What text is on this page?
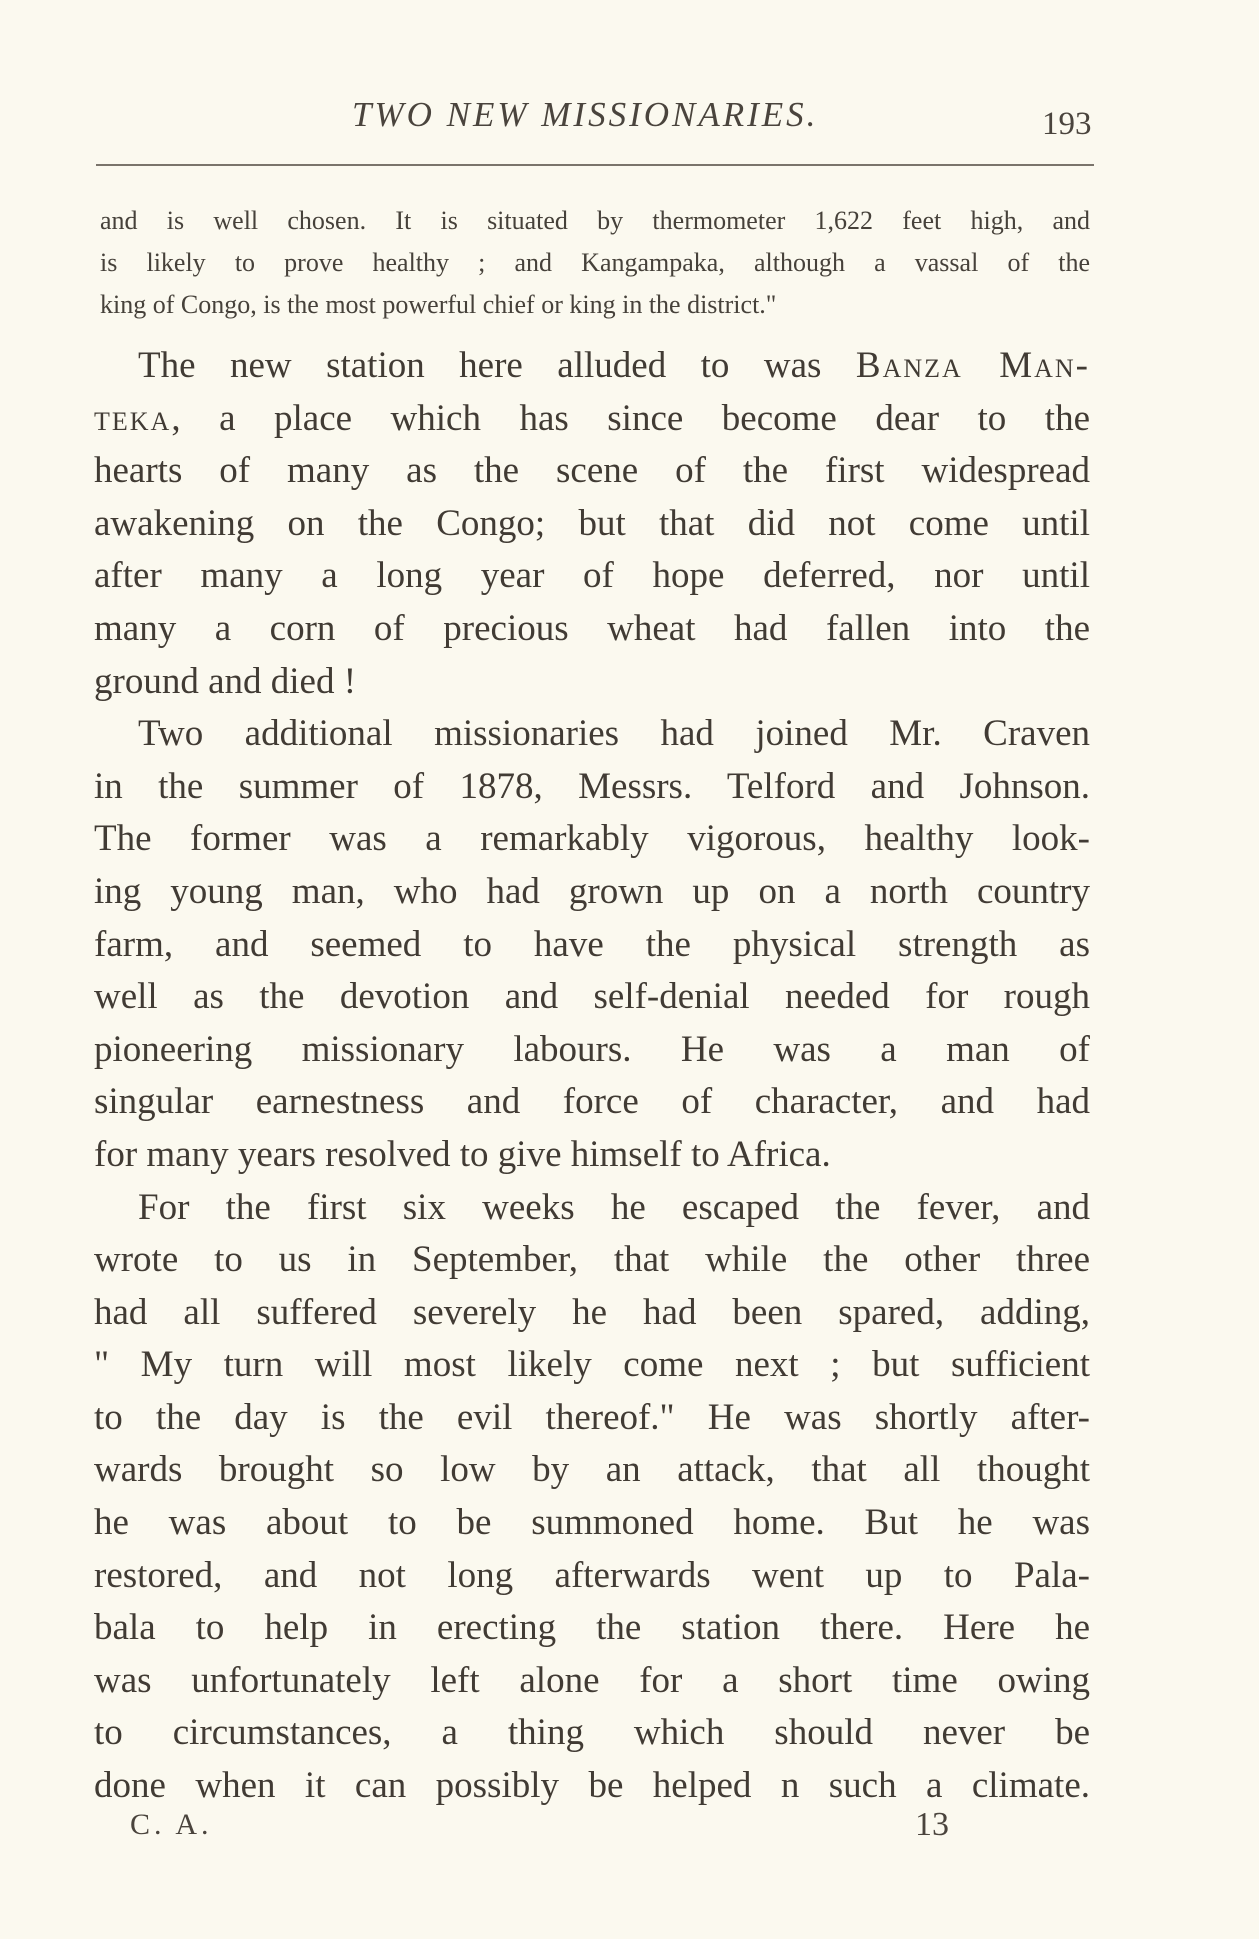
TWO NEW MISSIONARIES.	193
and is well chosen. It is situated by thermometer 1,622 feet high, and
is likely to prove healthy ; and Kangampaka, although a vassal of the
king of Congo, is the most powerful chief or king in the district."
The new station here alluded to was Banza Man-
teka, a place which has since become dear to the
hearts of many as the scene of the first widespread
awakening on the Congo; but that did not come until
after many a long year of hope deferred, nor until
many a corn of precious wheat had fallen into the
ground and died !
Two additional missionaries had joined Mr. Craven
in the summer of 1878, Messrs. Telford and Johnson.
The former was a remarkably vigorous, healthy look-
ing young man, who had grown up on a north country
farm, and seemed to have the physical strength as
well as the devotion and self-denial needed for rough
pioneering missionary labours. He was a man of
singular earnestness and force of character, and had
for many years resolved to give himself to Africa.
For the first six weeks he escaped the fever, and
wrote to us in September, that while the other three
had all suffered severely he had been spared, adding,
" My turn will most likely come next ; but sufficient
to the day is the evil thereof." He was shortly after-
wards brought so low by an attack, that all thought
he was about to be summoned home. But he was
restored, and not long afterwards went up to Pala-
bala to help in erecting the station there. Here he
was unfortunately left alone for a short time owing
to circumstances, a thing which should never be
done when it can possibly be helped n such a climate.
C. A.	13
